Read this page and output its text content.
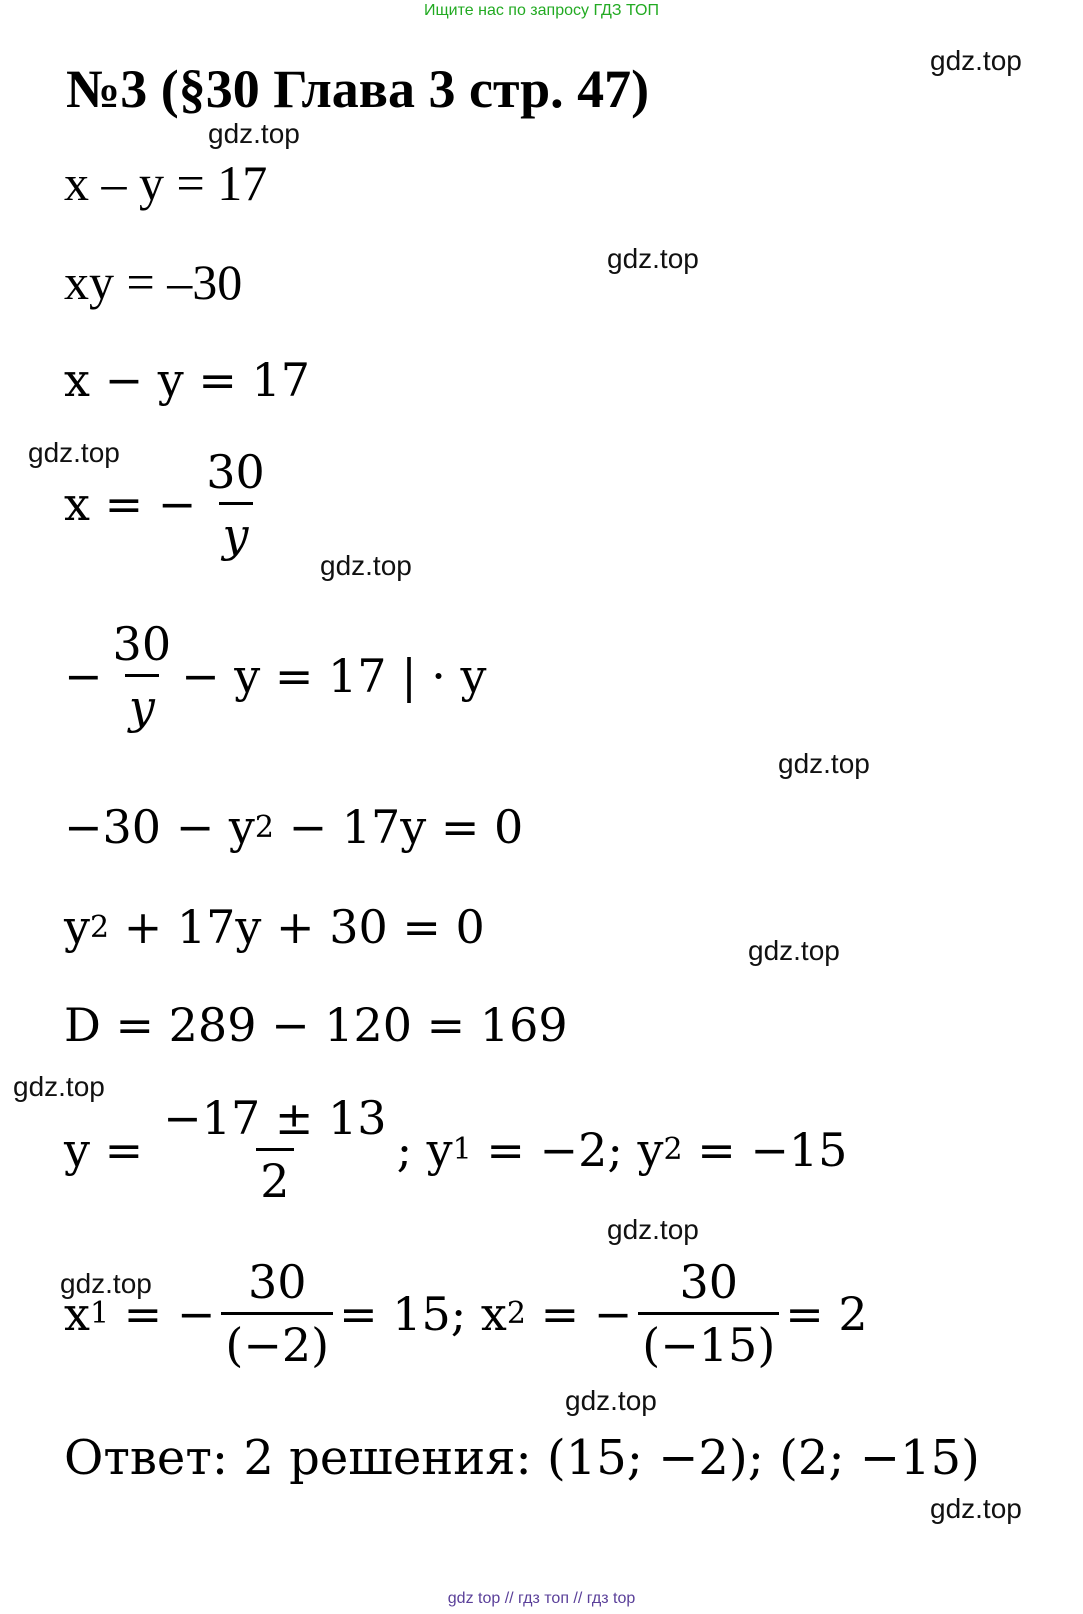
Ищите нас по запросу ГДЗ ТОП
№3 (§30 Глава 3 стр. 47)	gdz.top
gdz.top
gdz.top
gdz.top
gdz.top
gdz.top
gdz.top
gdz.top
gdz.top
gdz.top
gdz.top
gdz.top
x – y = 17
xy = –30
x − y = 17
x = − $\frac{30}{y}$
− $\frac{30}{y} - y = 17$ | · y
−30 − y 2 − 17y = 0
y 2 + 17y + 30 = 0
D = 289 − 120 = 169
$y = \frac{-17 \pm 13}{2}$ ; y 1 = −2; y 2 = −15
x 1 = − $\frac{30}{(-2)} = 15$; x 2 = − $\frac{30}{(-15)} = 2$
Ответ: 2 решения: (15; −2); (2; −15)
gdz top // гдз топ // гдз top
